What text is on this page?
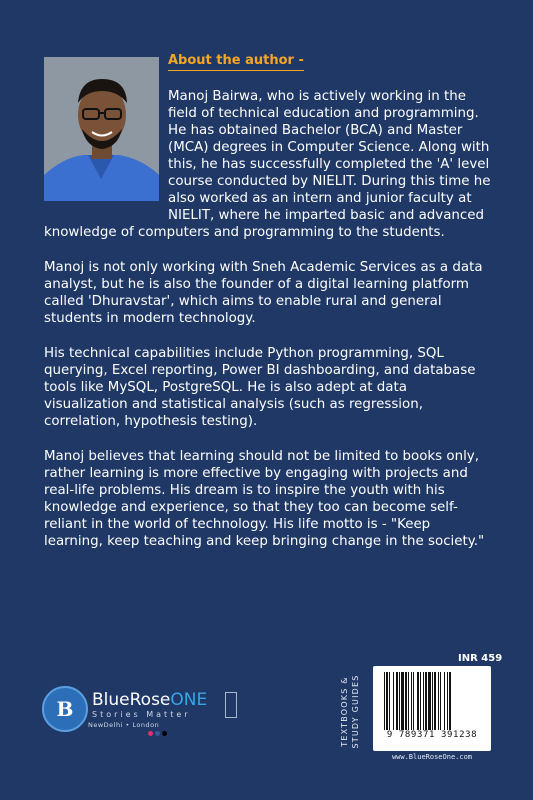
About the author -

Manoj Bairwa, who is actively working in the field of technical education and programming. He has obtained Bachelor (BCA) and Master (MCA) degrees in Computer Science. Along with this, he has successfully completed the 'A' level course conducted by NIELIT. During this time he also worked as an intern and junior faculty at NIELIT, where he imparted basic and advanced knowledge of computers and programming to the students.

Manoj is not only working with Sneh Academic Services as a data analyst, but he is also the founder of a digital learning platform called 'Dhuravstar', which aims to enable rural and general students in modern technology.

His technical capabilities include Python programming, SQL querying, Excel reporting, Power BI dashboarding, and database tools like MySQL, PostgreSQL. He is also adept at data visualization and statistical analysis (such as regression, correlation, hypothesis testing).

Manoj believes that learning should not be limited to books only, rather learning is more effective by engaging with projects and real-life problems. His dream is to inspire the youth with his knowledge and experience, so that they too can become self-reliant in the world of technology. His life motto is - "Keep learning, keep teaching and keep bringing change in the society."

B	BlueRoseONE
Stories Matter
NewDelhi • London
	TEXTBOOKS & STUDY GUIDES
INR 459
9 789371 391238
www.BlueRoseOne.com
